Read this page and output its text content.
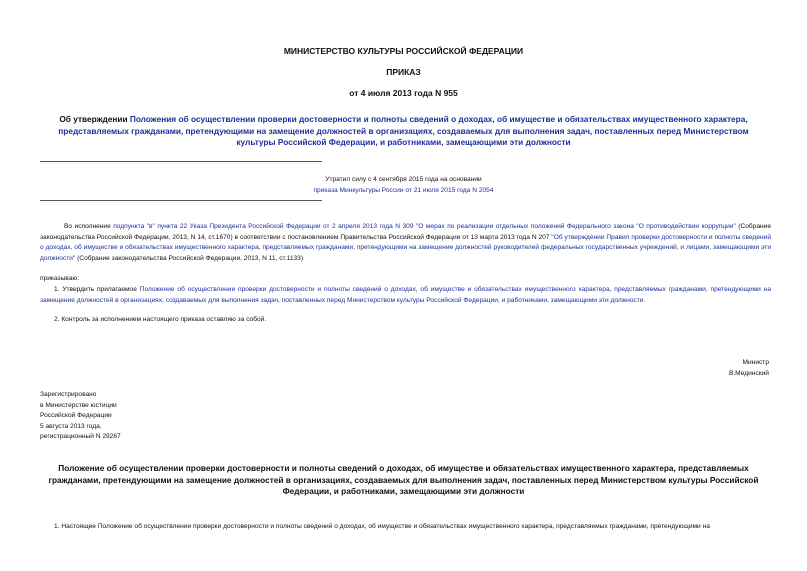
МИНИСТЕРСТВО КУЛЬТУРЫ РОССИЙСКОЙ ФЕДЕРАЦИИ
ПРИКАЗ
от 4 июля 2013 года N 955
Об утверждении Положения об осуществлении проверки достоверности и полноты сведений о доходах, об имуществе и обязательствах имущественного характера, представляемых гражданами, претендующими на замещение должностей в организациях, создаваемых для выполнения задач, поставленных перед Министерством культуры Российской Федерации, и работниками, замещающими эти должности
Утратил силу с 4 сентября 2015 года на основании
приказа Минкультуры России от 21 июля 2015 года N 2054
Во исполнение подпункта "в" пункта 22 Указа Президента Российской Федерации от 2 апреля 2013 года N 309 "О мерах по реализации отдельных положений Федерального закона "О противодействии коррупции" (Собрание законодательства Российской Федерации, 2013, N 14, ст.1670) в соответствии с постановлением Правительства Российской Федерации от 13 марта 2013 года N 207 "Об утверждении Правил проверки достоверности и полноты сведений о доходах, об имуществе и обязательствах имущественного характера, представляемых гражданами, претендующими на замещение должностей руководителей федеральных государственных учреждений, и лицами, замещающими эти должности" (Собрание законодательства Российской Федерации, 2013, N 11, ст.1133)
приказываю:
1. Утвердить прилагаемое Положение об осуществлении проверки достоверности и полноты сведений о доходах, об имуществе и обязательствах имущественного характера, представляемых гражданами, претендующими на замещение должностей в организациях, создаваемых для выполнения задач, поставленных перед Министерством культуры Российской Федерации, и работниками, замещающими эти должности.
2. Контроль за исполнением настоящего приказа оставляю за собой.
Министр
В.Мединский
Зарегистрировано
в Министерстве юстиции
Российской Федерации
5 августа 2013 года,
регистрационный N 29267
Положение об осуществлении проверки достоверности и полноты сведений о доходах, об имуществе и обязательствах имущественного характера, представляемых гражданами, претендующими на замещение должностей в организациях, создаваемых для выполнения задач, поставленных перед Министерством культуры Российской Федерации, и работниками, замещающими эти должности
1. Настоящее Положение об осуществлении проверки достоверности и полноты сведений о доходах, об имуществе и обязательствах имущественного характера, представляемых гражданами, претендующими на
